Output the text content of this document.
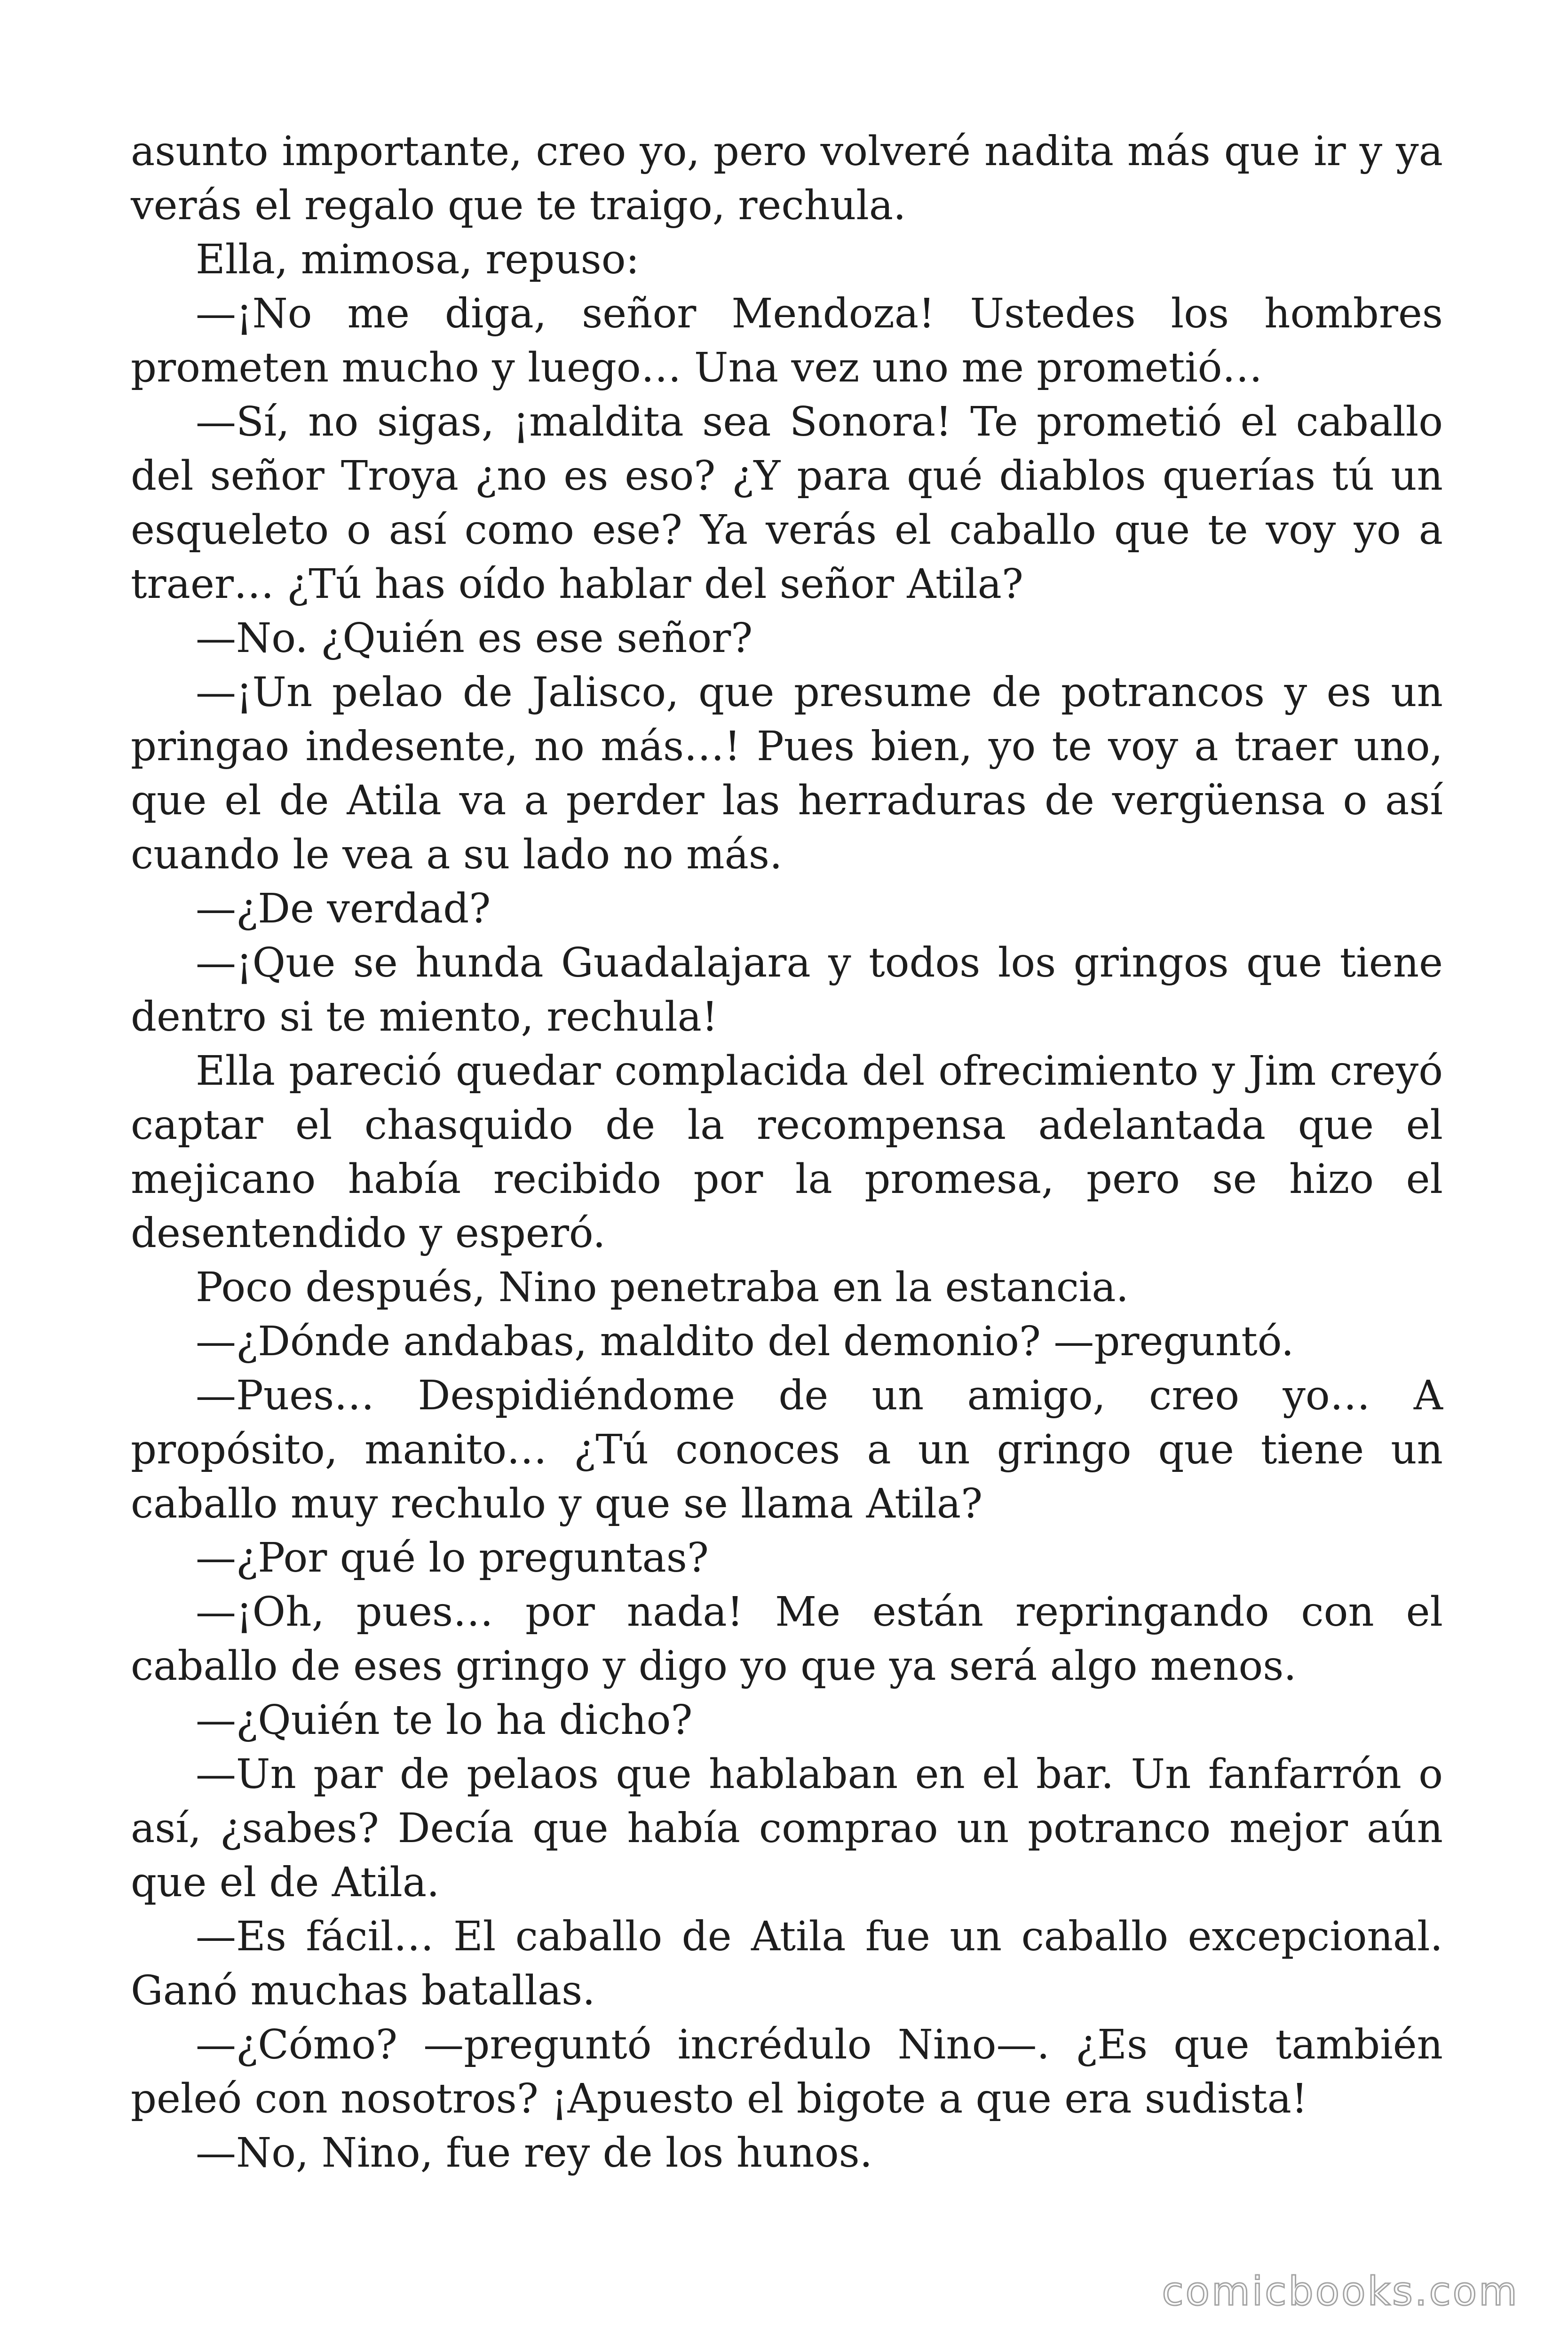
asunto importante, creo yo, pero volveré nadita más que ir y ya verás el regalo que te traigo, rechula.

Ella, mimosa, repuso:

—¡No me diga, señor Mendoza! Ustedes los hombres prometen mucho y luego… Una vez uno me prometió…

—Sí, no sigas, ¡maldita sea Sonora! Te prometió el caballo del señor Troya ¿no es eso? ¿Y para qué diablos querías tú un esqueleto o así como ese? Ya verás el caballo que te voy yo a traer… ¿Tú has oído hablar del señor Atila?

—No. ¿Quién es ese señor?

—¡Un pelao de Jalisco, que presume de potrancos y es un pringao indesente, no más…! Pues bien, yo te voy a traer uno, que el de Atila va a perder las herraduras de vergüensa o así cuando le vea a su lado no más.

—¿De verdad?

—¡Que se hunda Guadalajara y todos los gringos que tiene dentro si te miento, rechula!

Ella pareció quedar complacida del ofrecimiento y Jim creyó captar el chasquido de la recompensa adelantada que el mejicano había recibido por la promesa, pero se hizo el desentendido y esperó.

Poco después, Nino penetraba en la estancia.

—¿Dónde andabas, maldito del demonio? —preguntó.

—Pues… Despidiéndome de un amigo, creo yo… A propósito, manito… ¿Tú conoces a un gringo que tiene un caballo muy rechulo y que se llama Atila?

—¿Por qué lo preguntas?

—¡Oh, pues… por nada! Me están repringando con el caballo de eses gringo y digo yo que ya será algo menos.

—¿Quién te lo ha dicho?

—Un par de pelaos que hablaban en el bar. Un fanfarrón o así, ¿sabes? Decía que había comprao un potranco mejor aún que el de Atila.

—Es fácil… El caballo de Atila fue un caballo excepcional. Ganó muchas batallas.

—¿Cómo? —preguntó incrédulo Nino—. ¿Es que también peleó con nosotros? ¡Apuesto el bigote a que era sudista!

—No, Nino, fue rey de los hunos.

comicbooks.com
